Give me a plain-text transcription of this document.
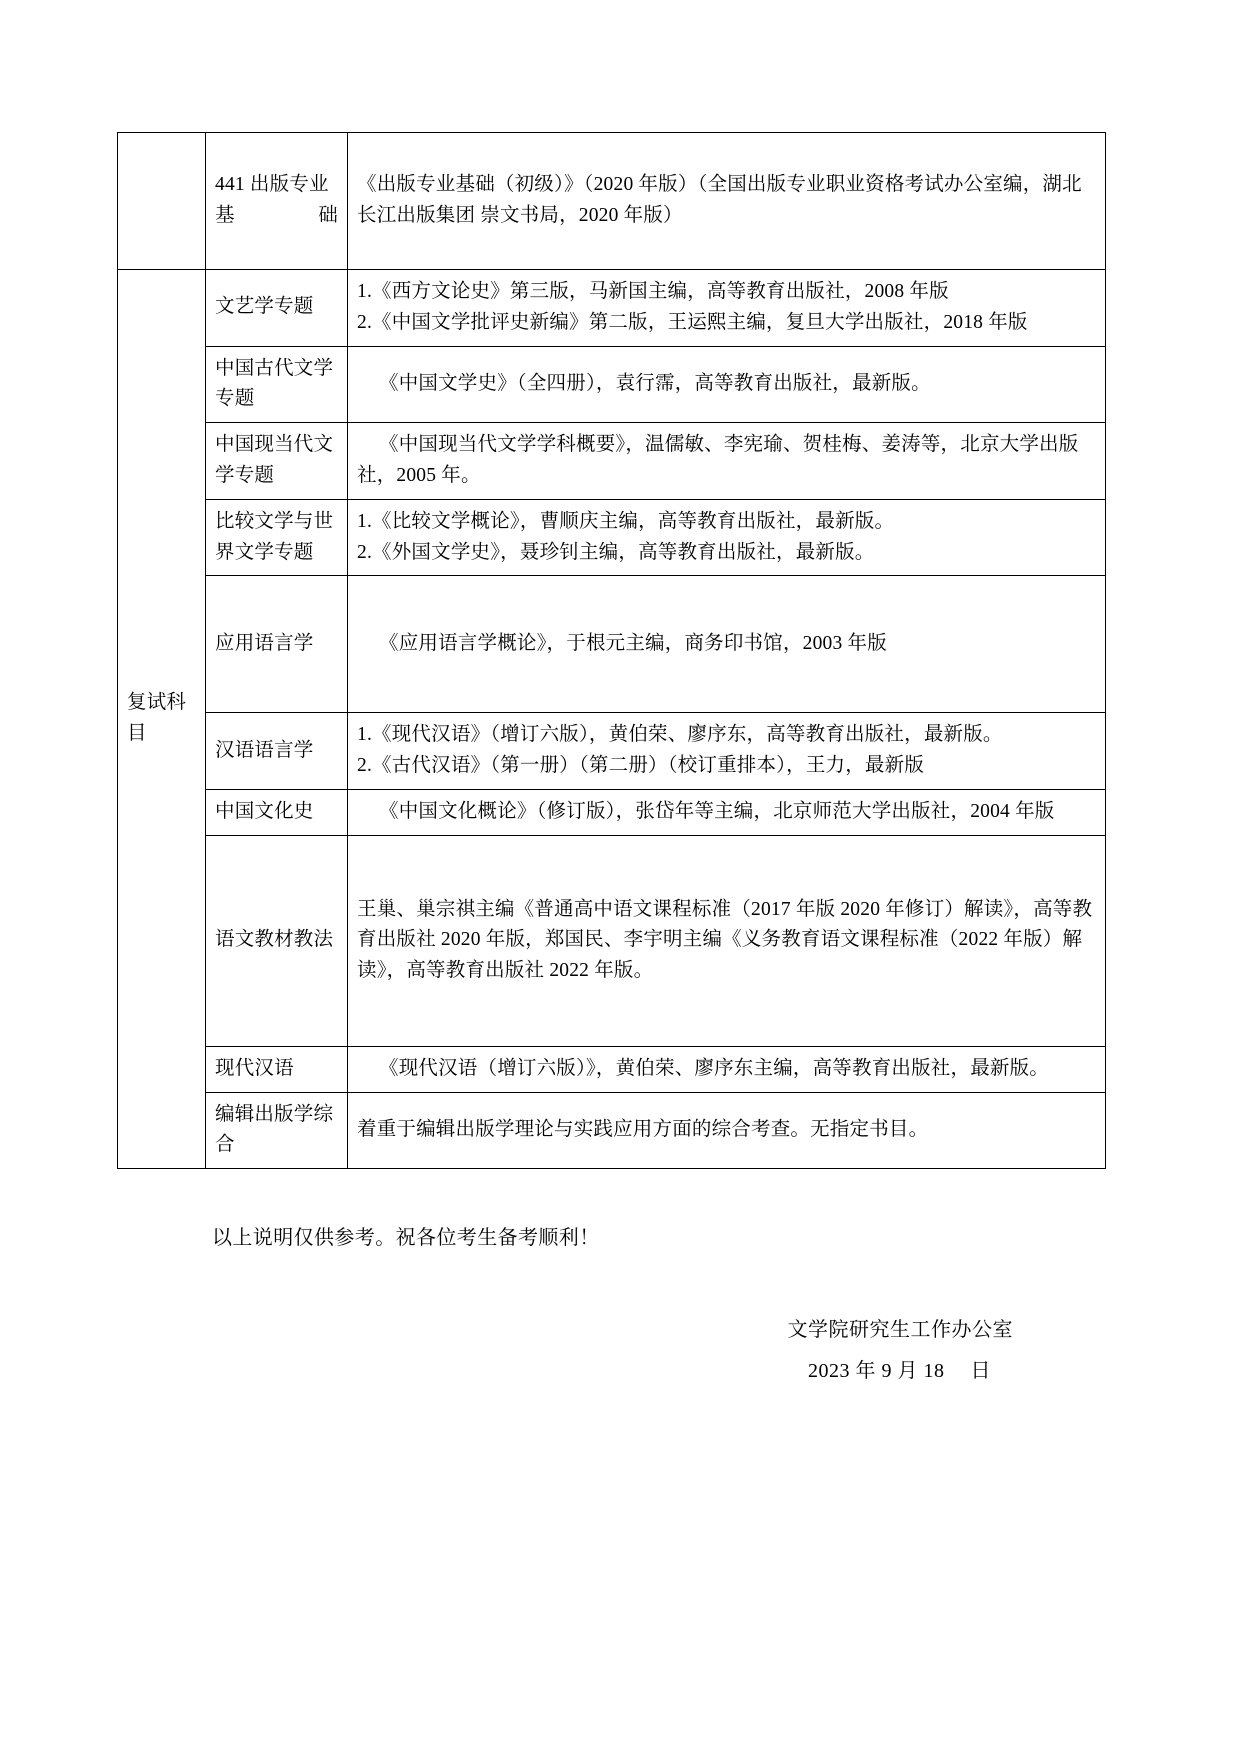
	441 出版专业基础	《出版专业基础（初级）》（2020 年版）（全国出版专业职业资格考试办公室编，湖北长江出版集团 崇文书局，2020 年版）
复试科目	文艺学专题	1.《西方文论史》第三版，马新国主编，高等教育出版社，2008 年版
2.《中国文学批评史新编》第二版，王运熙主编，复旦大学出版社，2018 年版

	中国古代文学专题	《中国文学史》（全四册），袁行霈，高等教育出版社，最新版。
	中国现当代文学专题	《中国现当代文学学科概要》，温儒敏、李宪瑜、贺桂梅、姜涛等，北京大学出版社，2005 年。
	比较文学与世界文学专题	1.《比较文学概论》，曹顺庆主编，高等教育出版社，最新版。
2.《外国文学史》，聂珍钊主编，高等教育出版社，最新版。

	应用语言学	《应用语言学概论》，于根元主编，商务印书馆，2003 年版
	汉语语言学	1.《现代汉语》（增订六版），黄伯荣、廖序东，高等教育出版社，最新版。
2.《古代汉语》（第一册）（第二册）（校订重排本），王力，最新版

	中国文化史	《中国文化概论》（修订版），张岱年等主编，北京师范大学出版社，2004 年版
	语文教材教法	王巢、巢宗祺主编《普通高中语文课程标准（2017 年版 2020 年修订）解读》，高等教育出版社 2020 年版，郑国民、李宇明主编《义务教育语文课程标准（2022 年版）解读》，高等教育出版社 2022 年版。
	现代汉语	《现代汉语（增订六版）》，黄伯荣、廖序东主编，高等教育出版社，最新版。
	编辑出版学综合	着重于编辑出版学理论与实践应用方面的综合考查。无指定书目。
以上说明仅供参考。祝各位考生备考顺利！
文学院研究生工作办公室
2023 年 9 月 18 　日
